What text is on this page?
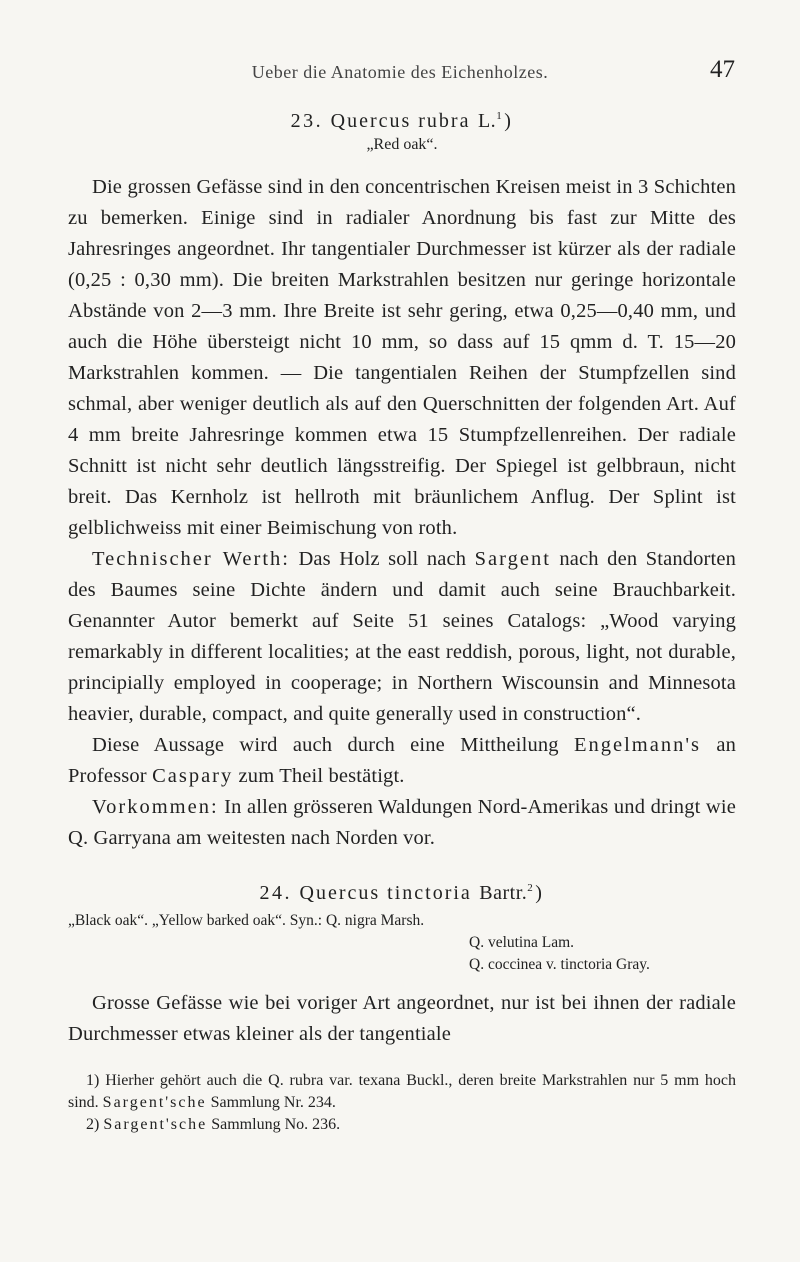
Ueber die Anatomie des Eichenholzes.	47
23. Quercus rubra L.$^1$)
„Red oak“.

Die grossen Gefässe sind in den concentrischen Kreisen meist in 3 Schichten zu bemerken. Einige sind in radialer Anordnung bis fast zur Mitte des Jahresringes angeordnet. Ihr tangentialer Durchmesser ist kürzer als der radiale (0,25 : 0,30 mm). Die breiten Markstrahlen besitzen nur geringe horizontale Abstände von 2—3 mm. Ihre Breite ist sehr gering, etwa 0,25—0,40 mm, und auch die Höhe übersteigt nicht 10 mm, so dass auf 15 qmm d. T. 15—20 Markstrahlen kommen. — Die tangentialen Reihen der Stumpfzellen sind schmal, aber weniger deutlich als auf den Querschnitten der folgenden Art. Auf 4 mm breite Jahresringe kommen etwa 15 Stumpfzellenreihen. Der radiale Schnitt ist nicht sehr deutlich längsstreifig. Der Spiegel ist gelbbraun, nicht breit. Das Kernholz ist hellroth mit bräunlichem Anflug. Der Splint ist gelblichweiss mit einer Beimischung von roth.

Technischer Werth: Das Holz soll nach Sargent nach den Standorten des Baumes seine Dichte ändern und damit auch seine Brauchbarkeit. Genannter Autor bemerkt auf Seite 51 seines Catalogs: „Wood varying remarkably in different localities; at the east reddish, porous, light, not durable, principially employed in cooperage; in Northern Wiscounsin and Minnesota heavier, durable, compact, and quite generally used in construction“.

Diese Aussage wird auch durch eine Mittheilung Engelmann's an Professor Caspary zum Theil bestätigt.

Vorkommen: In allen grösseren Waldungen Nord-Amerikas und dringt wie Q. Garryana am weitesten nach Norden vor.

24. Quercus tinctoria Bartr.$^2$)
„Black oak“. „Yellow barked oak“. Syn.: Q. nigra Marsh.
Q. velutina Lam.
Q. coccinea v. tinctoria Gray.

Grosse Gefässe wie bei voriger Art angeordnet, nur ist bei ihnen der radiale Durchmesser etwas kleiner als der tangentiale

1) Hierher gehört auch die Q. rubra var. texana Buckl., deren breite Markstrahlen nur 5 mm hoch sind. Sargent'sche Sammlung Nr. 234.
2) Sargent'sche Sammlung No. 236.
